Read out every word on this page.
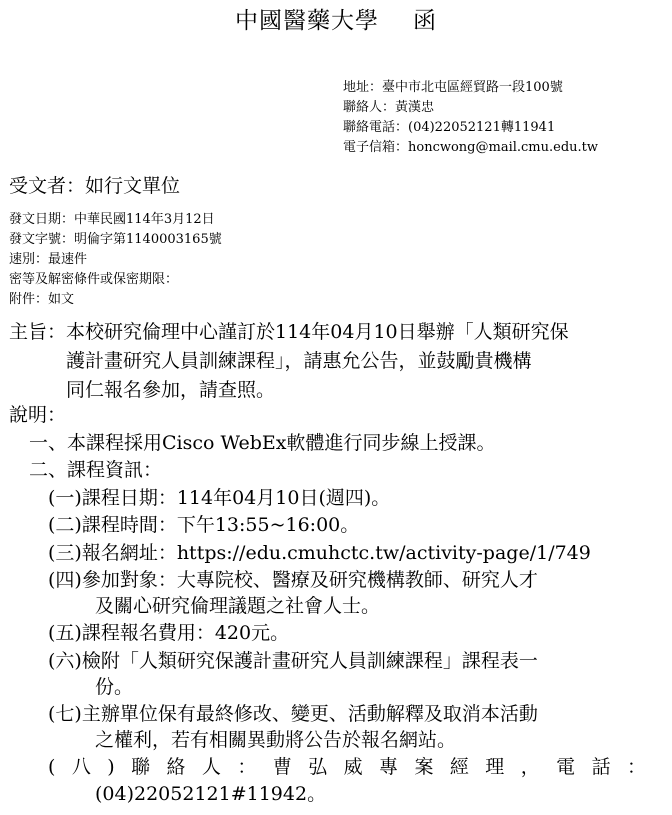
中國醫藥大學 函
地址：臺中市北屯區經貿路一段100號
聯絡人：黃漢忠
聯絡電話：(04)22052121轉11941
電子信箱：honcwong@mail.cmu.edu.tw
受文者：如行文單位
發文日期：中華民國114年3月12日
發文字號：明倫字第1140003165號
速別：最速件
密等及解密條件或保密期限：
附件：如文
主旨： 本校研究倫理中心謹訂於114年04月10日舉辦「人類研究保
護計畫研究人員訓練課程」，請惠允公告，並鼓勵貴機構
同仁報名參加，請查照。
說明：
一、本課程採用Cisco WebEx軟體進行同步線上授課。
二、課程資訊：
(一)課程日期：114年04月10日(週四)。
(二)課程時間：下午13:55~16:00。
(三)報名網址：https://edu.cmuhctc.tw/activity-page/1/749
(四)參加對象：大專院校、醫療及研究機構教師、研究人才
及關心研究倫理議題之社會人士。
(五)課程報名費用：420元。
(六)檢附「人類研究保護計畫研究人員訓練課程」課程表一
份。
(七)主辦單位保有最終修改、變更、活動解釋及取消本活動
之權利，若有相關異動將公告於報名網站。
( 八 ) 聯 絡 人 ： 曹 弘 威 專 案 經 理 ， 電 話 ：
(04)22052121#11942。
